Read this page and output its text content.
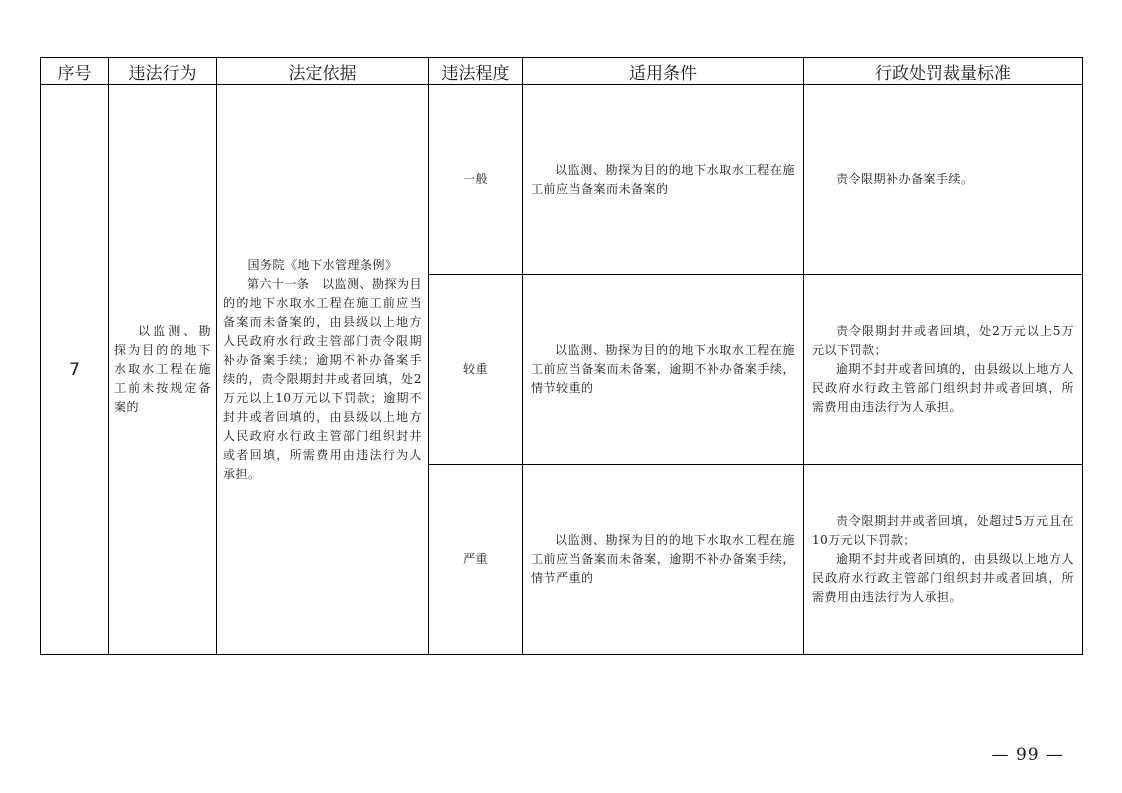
序号	违法行为	法定依据	违法程度	适用条件	行政处罚裁量标准
7	以监测、勘探为目的的地下水取水工程在施工前未按规定备案的	国务院《地下水管理条例》
第六十一条　以监测、勘探为目的的地下水取水工程在施工前应当备案而未备案的，由县级以上地方人民政府水行政主管部门责令限期补办备案手续；逾期不补办备案手续的，责令限期封井或者回填，处2万元以上10万元以下罚款；逾期不封井或者回填的，由县级以上地方人民政府水行政主管部门组织封井或者回填，所需费用由违法行为人承担。	一般	以监测、勘探为目的的地下水取水工程在施工前应当备案而未备案的	责令限期补办备案手续。

			较重	以监测、勘探为目的的地下水取水工程在施工前应当备案而未备案，逾期不补办备案手续，情节较重的	责令限期封井或者回填，处2万元以上5万元以下罚款；
逾期不封井或者回填的，由县级以上地方人民政府水行政主管部门组织封井或者回填，所需费用由违法行为人承担。

			严重	以监测、勘探为目的的地下水取水工程在施工前应当备案而未备案，逾期不补办备案手续，情节严重的	责令限期封井或者回填，处超过5万元且在10万元以下罚款；
逾期不封井或者回填的，由县级以上地方人民政府水行政主管部门组织封井或者回填，所需费用由违法行为人承担。
— 99 —
